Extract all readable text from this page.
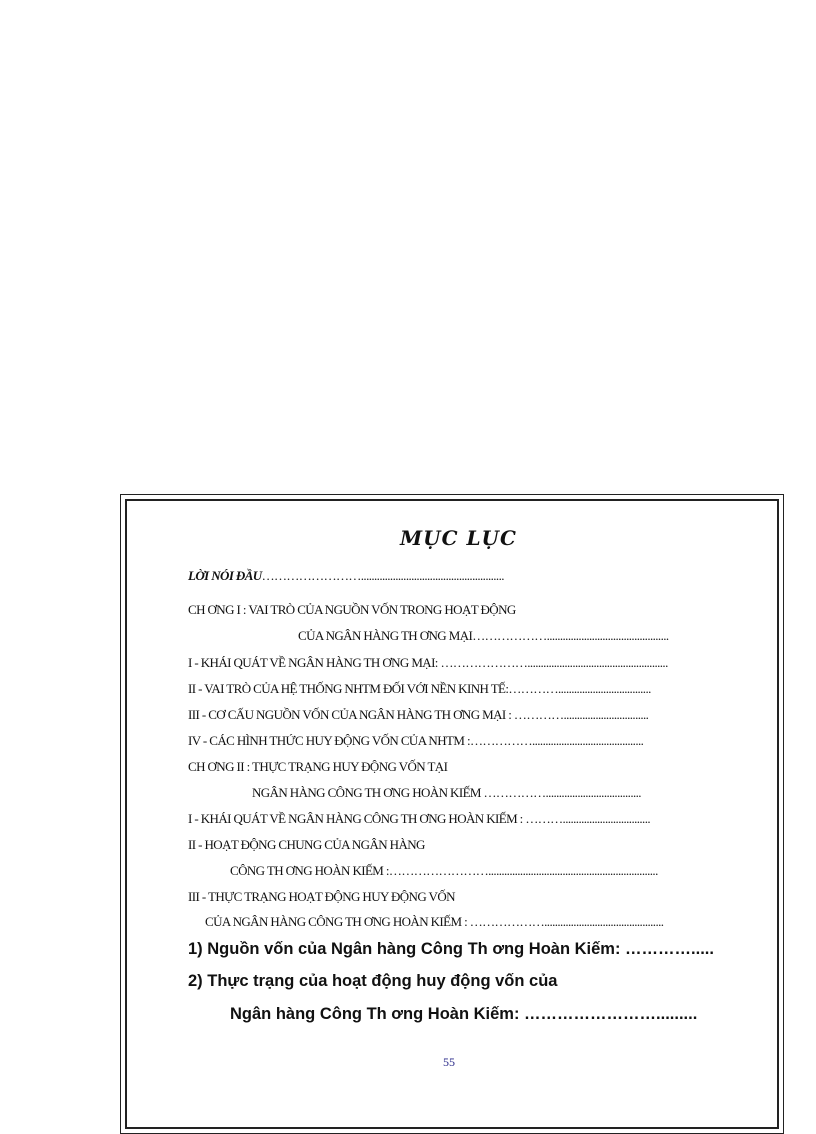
MỤC LỤC
LỜI NÓI ĐẦU……………………......................................................
CH ƠNG I : VAI TRÒ CỦA NGUỒN VỐN TRONG HOẠT ĐỘNG
CỦA NGÂN HÀNG TH ƠNG MẠI………………..............................................
I - KHÁI QUÁT VỀ NGÂN HÀNG TH ƠNG MẠI: ………………….....................................................
II - VAI TRÒ CỦA HỆ THỐNG NHTM ĐỐI VỚI NỀN KINH TẾ:…………...................................
III - CƠ CẤU NGUỒN VỐN CỦA NGÂN HÀNG TH ƠNG MẠI : …………................................
IV - CÁC HÌNH THỨC HUY ĐỘNG VỐN CỦA NHTM :……………..........................................
CH ƠNG II : THỰC TRẠNG HUY ĐỘNG VỐN TẠI
NGÂN HÀNG CÔNG TH ƠNG HOÀN KIẾM ……………....................................
I - KHÁI QUÁT VỀ NGÂN HÀNG CÔNG TH ƠNG HOÀN KIẾM : ……….................................
II - HOẠT ĐỘNG CHUNG CỦA NGÂN HÀNG
CÔNG TH ƠNG HOÀN KIẾM :……………………................................................................
III - THỰC TRẠNG HOẠT ĐỘNG HUY ĐỘNG VỐN
CỦA NGÂN HÀNG CÔNG TH ƠNG HOÀN KIẾM : ……………….............................................
1) Nguồn vốn của Ngân hàng Công Th ơng Hoàn Kiếm: ………….....
2) Thực trạng của hoạt động huy động vốn của
Ngân hàng Công Th ơng Hoàn Kiếm: …………………….........
55
